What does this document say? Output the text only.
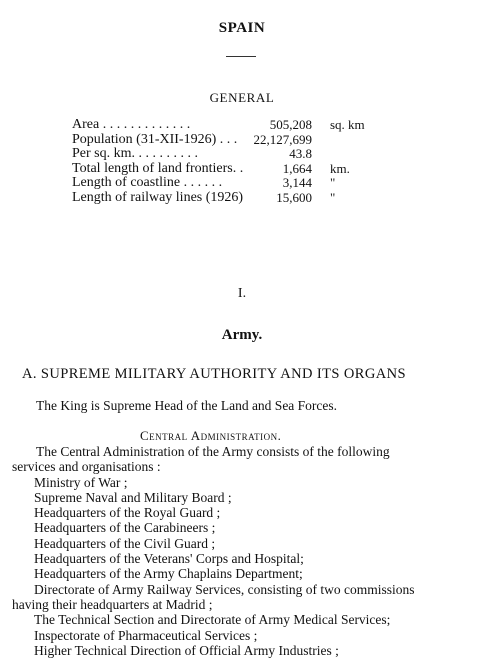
SPAIN
GENERAL
Area . . . . . . . . . . . . .	505,208 sq. km
Population (31-XII-1926) . . . 22,127,699
Per sq. km. . . . . . . . . .	43.8
Total length of land frontiers. .	1,664 km.
Length of coastline . . . . . .	3,144 "
Length of railway lines (1926)	15,600 "
I.
Army.
A. SUPREME MILITARY AUTHORITY AND ITS ORGANS
The King is Supreme Head of the Land and Sea Forces.
Central Administration.
The Central Administration of the Army consists of the following
services and organisations :
Ministry of War ;
Supreme Naval and Military Board ;
Headquarters of the Royal Guard ;
Headquarters of the Carabineers ;
Headquarters of the Civil Guard ;
Headquarters of the Veterans' Corps and Hospital;
Headquarters of the Army Chaplains Department;
Directorate of Army Railway Services, consisting of two commissions
having their headquarters at Madrid ;
The Technical Section and Directorate of Army Medical Services;
Inspectorate of Pharmaceutical Services ;
Higher Technical Direction of Official Army Industries ;
